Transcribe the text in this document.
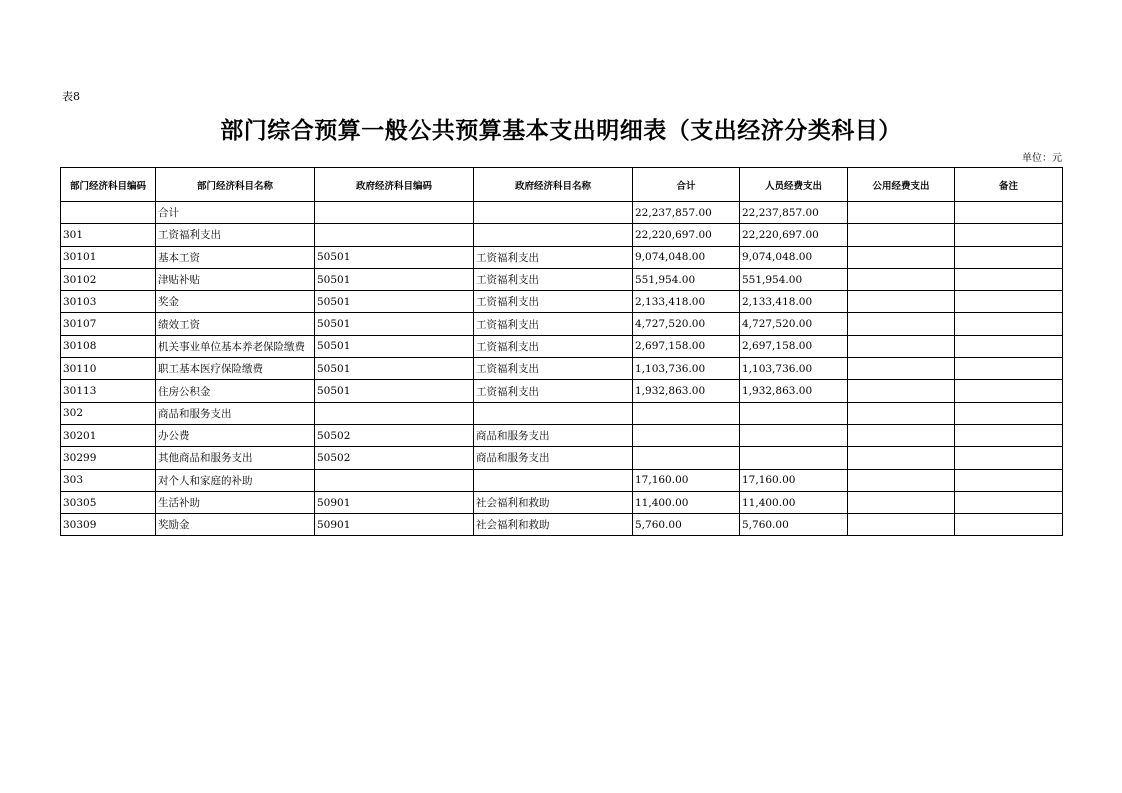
表8
部门综合预算一般公共预算基本支出明细表（支出经济分类科目）
单位：元
部门经济科目编码	部门经济科目名称	政府经济科目编码	政府经济科目名称	合计	人员经费支出	公用经费支出	备注
	合计			22,237,857.00	22,237,857.00		
301	工资福利支出			22,220,697.00	22,220,697.00		
30101	基本工资	50501	工资福利支出	9,074,048.00	9,074,048.00		
30102	津贴补贴	50501	工资福利支出	551,954.00	551,954.00		
30103	奖金	50501	工资福利支出	2,133,418.00	2,133,418.00		
30107	绩效工资	50501	工资福利支出	4,727,520.00	4,727,520.00		
30108	机关事业单位基本养老保险缴费	50501	工资福利支出	2,697,158.00	2,697,158.00		
30110	职工基本医疗保险缴费	50501	工资福利支出	1,103,736.00	1,103,736.00		
30113	住房公积金	50501	工资福利支出	1,932,863.00	1,932,863.00		
302	商品和服务支出						
30201	办公费	50502	商品和服务支出				
30299	其他商品和服务支出	50502	商品和服务支出				
303	对个人和家庭的补助			17,160.00	17,160.00		
30305	生活补助	50901	社会福利和救助	11,400.00	11,400.00		
30309	奖励金	50901	社会福利和救助	5,760.00	5,760.00		
